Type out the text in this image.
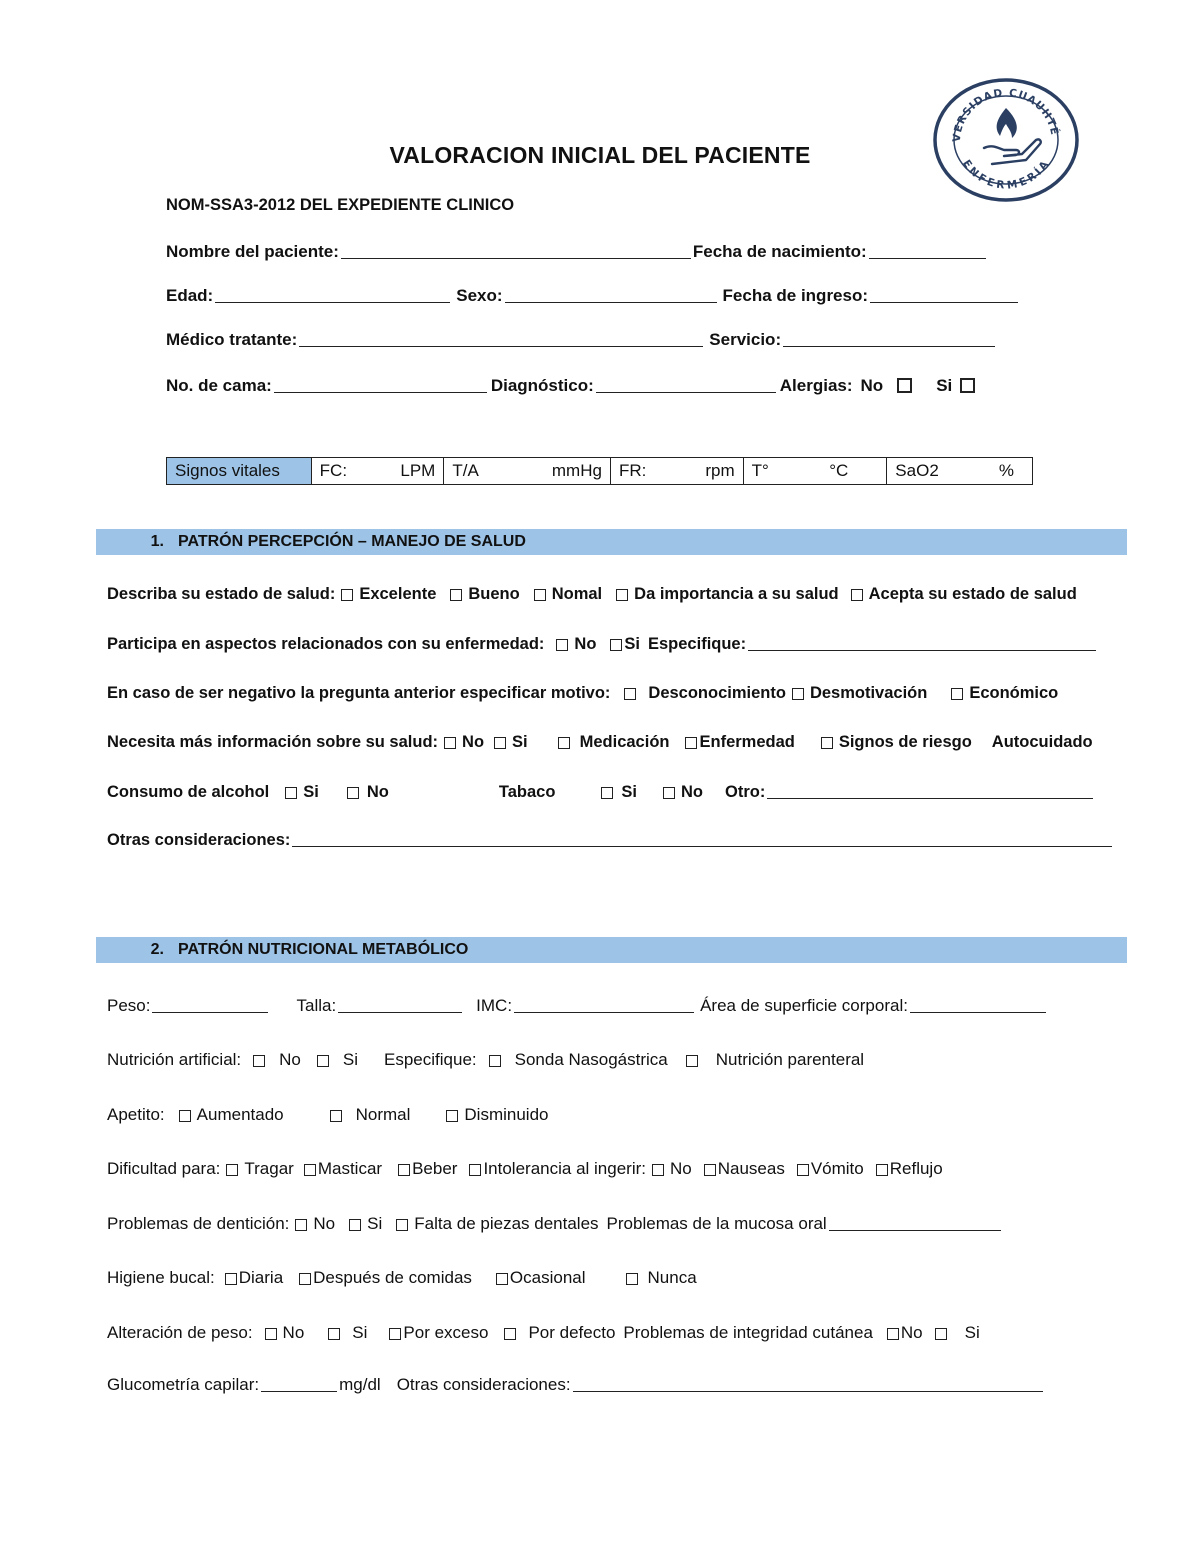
VALORACION INICIAL DEL PACIENTE
NOM-SSA3-2012 DEL EXPEDIENTE CLINICO
VERSIDAD CUAUHTÉ
ENFERMERÍA
Nombre del paciente:	Fecha de nacimiento:
Edad:	Sexo:	Fecha de ingreso:
Médico tratante:	Servicio:
No. de cama:	Diagnóstico:	Alergias: No	Si
Signos vitales FC:	LPM T/A	mmHg FR:	rpm T°	°C	SaO2	%
1. PATRÓN PERCEPCIÓN – MANEJO DE SALUD
Describa su estado de salud: Excelente Bueno Nomal Da importancia a su salud Acepta su estado de salud
Participa en aspectos relacionados con su enfermedad: No Si Especifique:
En caso de ser negativo la pregunta anterior especificar motivo: Desconocimiento Desmotivación	Económico
Necesita más información sobre su salud: No Si	Medicación Enfermedad	Signos de riesgo Autocuidado
Consumo de alcohol Si	No	Tabaco	Si	No Otro:
Otras consideraciones:
2. PATRÓN NUTRICIONAL METABÓLICO
Peso:	Talla:	IMC:	Área de superficie corporal:
Nutrición artificial: No Si Especifique: Sonda Nasogástrica	Nutrición parenteral
Apetito: Aumentado	Normal	Disminuido
Dificultad para: Tragar Masticar Beber Intolerancia al ingerir: No Nauseas Vómito Reflujo
Problemas de dentición: No Si Falta de piezas dentales Problemas de la mucosa oral
Higiene bucal: Diaria Después de comidas Ocasional	Nunca
Alteración de peso: No	Si Por exceso Por defecto Problemas de integridad cutánea No Si
Glucometría capilar:	mg/dl Otras consideraciones:
